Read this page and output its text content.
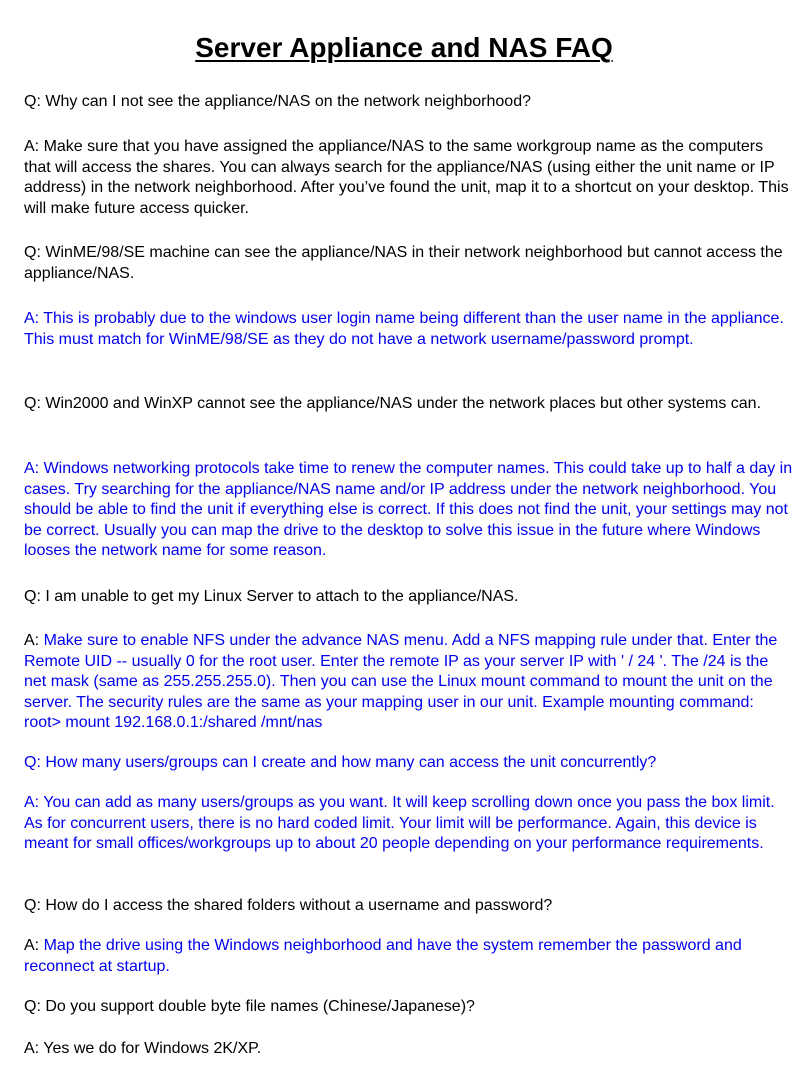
Server Appliance and NAS FAQ

Q: Why can I not see the appliance/NAS on the network neighborhood?

A: Make sure that you have assigned the appliance/NAS to the same workgroup name as the computers that will access the shares. You can always search for the appliance/NAS (using either the unit name or IP address) in the network neighborhood. After you’ve found the unit, map it to a shortcut on your desktop. This will make future access quicker.

Q: WinME/98/SE machine can see the appliance/NAS in their network neighborhood but cannot access the appliance/NAS.

A: This is probably due to the windows user login name being different than the user name in the appliance. This must match for WinME/98/SE as they do not have a network username/password prompt.

Q: Win2000 and WinXP cannot see the appliance/NAS under the network places but other systems can.

A: Windows networking protocols take time to renew the computer names. This could take up to half a day in cases. Try searching for the appliance/NAS name and/or IP address under the network neighborhood. You should be able to find the unit if everything else is correct. If this does not find the unit, your settings may not be correct. Usually you can map the drive to the desktop to solve this issue in the future where Windows looses the network name for some reason.

Q: I am unable to get my Linux Server to attach to the appliance/NAS.

A: Make sure to enable NFS under the advance NAS menu. Add a NFS mapping rule under that. Enter the Remote UID -- usually 0 for the root user. Enter the remote IP as your server IP with ' / 24 '. The /24 is the net mask (same as 255.255.255.0). Then you can use the Linux mount command to mount the unit on the server. The security rules are the same as your mapping user in our unit. Example mounting command: root> mount 192.168.0.1:/shared /mnt/nas

Q: How many users/groups can I create and how many can access the unit concurrently?

A: You can add as many users/groups as you want. It will keep scrolling down once you pass the box limit. As for concurrent users, there is no hard coded limit. Your limit will be performance. Again, this device is meant for small offices/workgroups up to about 20 people depending on your performance requirements.

Q: How do I access the shared folders without a username and password?

A: Map the drive using the Windows neighborhood and have the system remember the password and reconnect at startup.

Q: Do you support double byte file names (Chinese/Japanese)?

A: Yes we do for Windows 2K/XP.
